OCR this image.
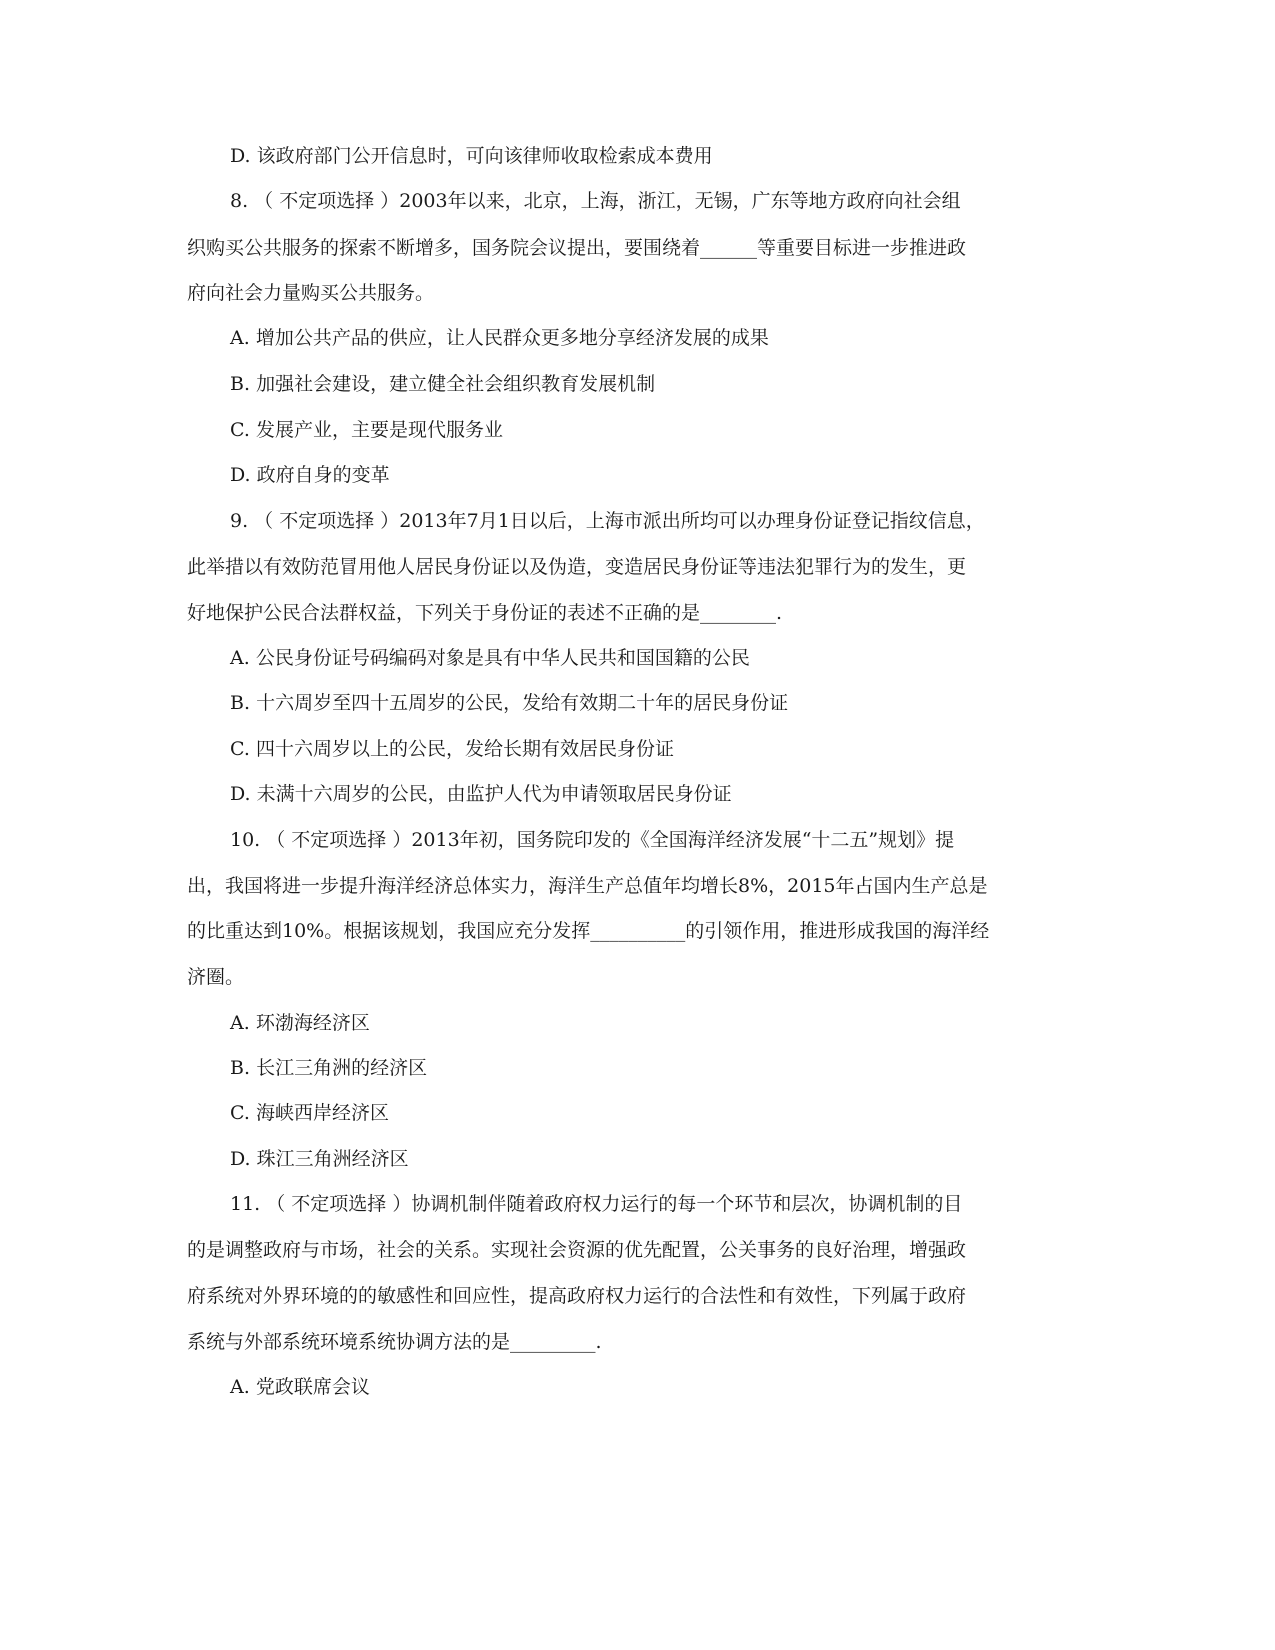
D. 该政府部门公开信息时，可向该律师收取检索成本费用
8. （ 不定项选择 ）2003年以来，北京，上海，浙江，无锡，广东等地方政府向社会组
织购买公共服务的探索不断增多，国务院会议提出，要围绕着______等重要目标进一步推进政
府向社会力量购买公共服务。
A. 增加公共产品的供应，让人民群众更多地分享经济发展的成果
B. 加强社会建设，建立健全社会组织教育发展机制
C. 发展产业，主要是现代服务业
D. 政府自身的变革
9. （ 不定项选择 ）2013年7月1日以后，上海市派出所均可以办理身份证登记指纹信息，
此举措以有效防范冒用他人居民身份证以及伪造，变造居民身份证等违法犯罪行为的发生，更
好地保护公民合法群权益，下列关于身份证的表述不正确的是________.
A. 公民身份证号码编码对象是具有中华人民共和国国籍的公民
B. 十六周岁至四十五周岁的公民，发给有效期二十年的居民身份证
C. 四十六周岁以上的公民，发给长期有效居民身份证
D. 未满十六周岁的公民，由监护人代为申请领取居民身份证
10. （ 不定项选择 ）2013年初，国务院印发的《全国海洋经济发展“十二五”规划》提
出，我国将进一步提升海洋经济总体实力，海洋生产总值年均增长8%，2015年占国内生产总是
的比重达到10%。根据该规划，我国应充分发挥__________的引领作用，推进形成我国的海洋经
济圈。
A. 环渤海经济区
B. 长江三角洲的经济区
C. 海峡西岸经济区
D. 珠江三角洲经济区
11. （ 不定项选择 ）协调机制伴随着政府权力运行的每一个环节和层次，协调机制的目
的是调整政府与市场，社会的关系。实现社会资源的优先配置，公关事务的良好治理，增强政
府系统对外界环境的的敏感性和回应性，提高政府权力运行的合法性和有效性，下列属于政府
系统与外部系统环境系统协调方法的是_________.
A. 党政联席会议
